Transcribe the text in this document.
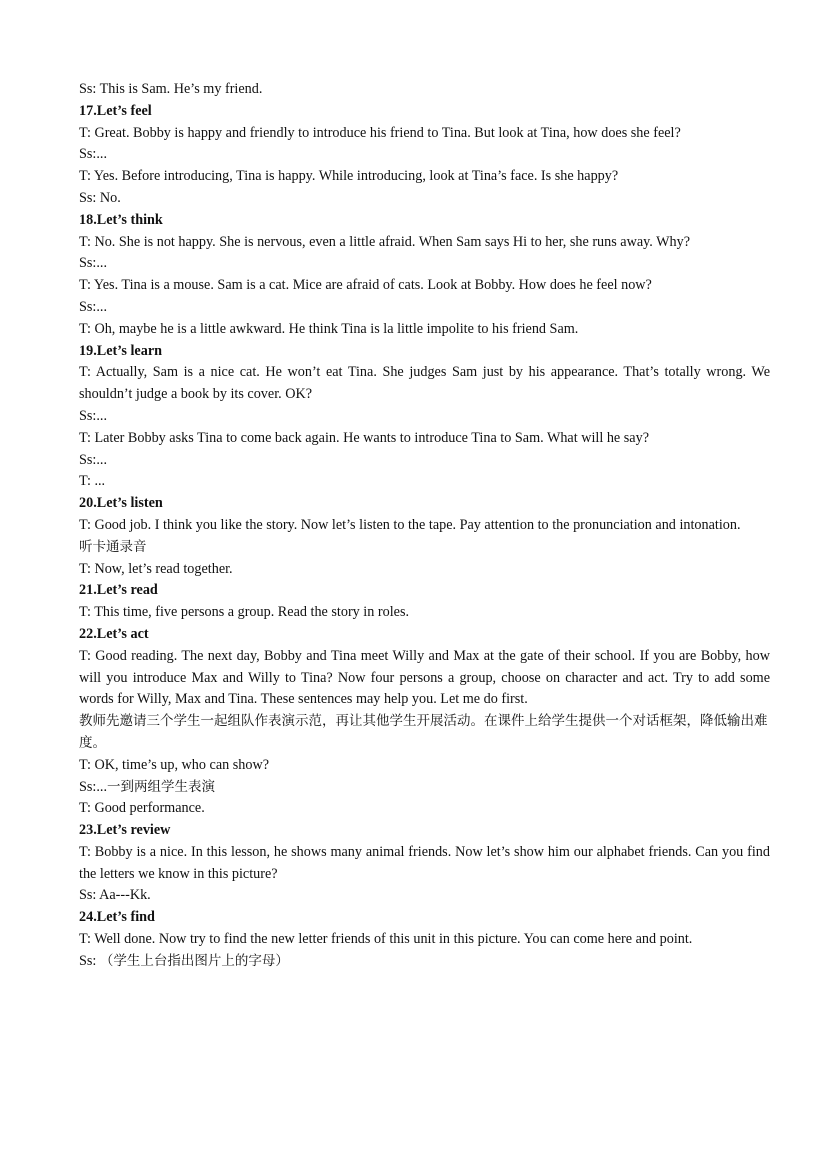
Ss: This is Sam. He’s my friend.

17.Let’s feel

T: Great. Bobby is happy and friendly to introduce his friend to Tina. But look at Tina, how does she feel?

Ss:...

T: Yes. Before introducing, Tina is happy. While introducing, look at Tina’s face. Is she happy?

Ss: No.

18.Let’s think

T: No. She is not happy. She is nervous, even a little afraid. When Sam says Hi to her, she runs away. Why?

Ss:...

T: Yes. Tina is a mouse. Sam is a cat. Mice are afraid of cats. Look at Bobby. How does he feel now?

Ss:...

T: Oh, maybe he is a little awkward. He think Tina is la little impolite to his friend Sam.

19.Let’s learn

T: Actually, Sam is a nice cat. He won’t eat Tina. She judges Sam just by his appearance. That’s totally wrong. We shouldn’t judge a book by its cover. OK?

Ss:...

T: Later Bobby asks Tina to come back again. He wants to introduce Tina to Sam. What will he say?

Ss:...

T: ...

20.Let’s listen

T: Good job. I think you like the story. Now let’s listen to the tape. Pay attention to the pronunciation and intonation.

听卡通录音

T: Now, let’s read together.

21.Let’s read

T: This time, five persons a group. Read the story in roles.

22.Let’s act

T: Good reading. The next day, Bobby and Tina meet Willy and Max at the gate of their school. If you are Bobby, how will you introduce Max and Willy to Tina? Now four persons a group, choose on character and act. Try to add some words for Willy, Max and Tina. These sentences may help you. Let me do first.

教师先邀请三个学生一起组队作表演示范，再让其他学生开展活动。在课件上给学生提供一个对话框架，降低输出难度。

T: OK, time’s up, who can show?

Ss:...一到两组学生表演

T: Good performance.

23.Let’s review

T: Bobby is a nice. In this lesson, he shows many animal friends. Now let’s show him our alphabet friends. Can you find the letters we know in this picture?

Ss: Aa---Kk.

24.Let’s find

T: Well done. Now try to find the new letter friends of this unit in this picture. You can come here and point.

Ss: （学生上台指出图片上的字母）
